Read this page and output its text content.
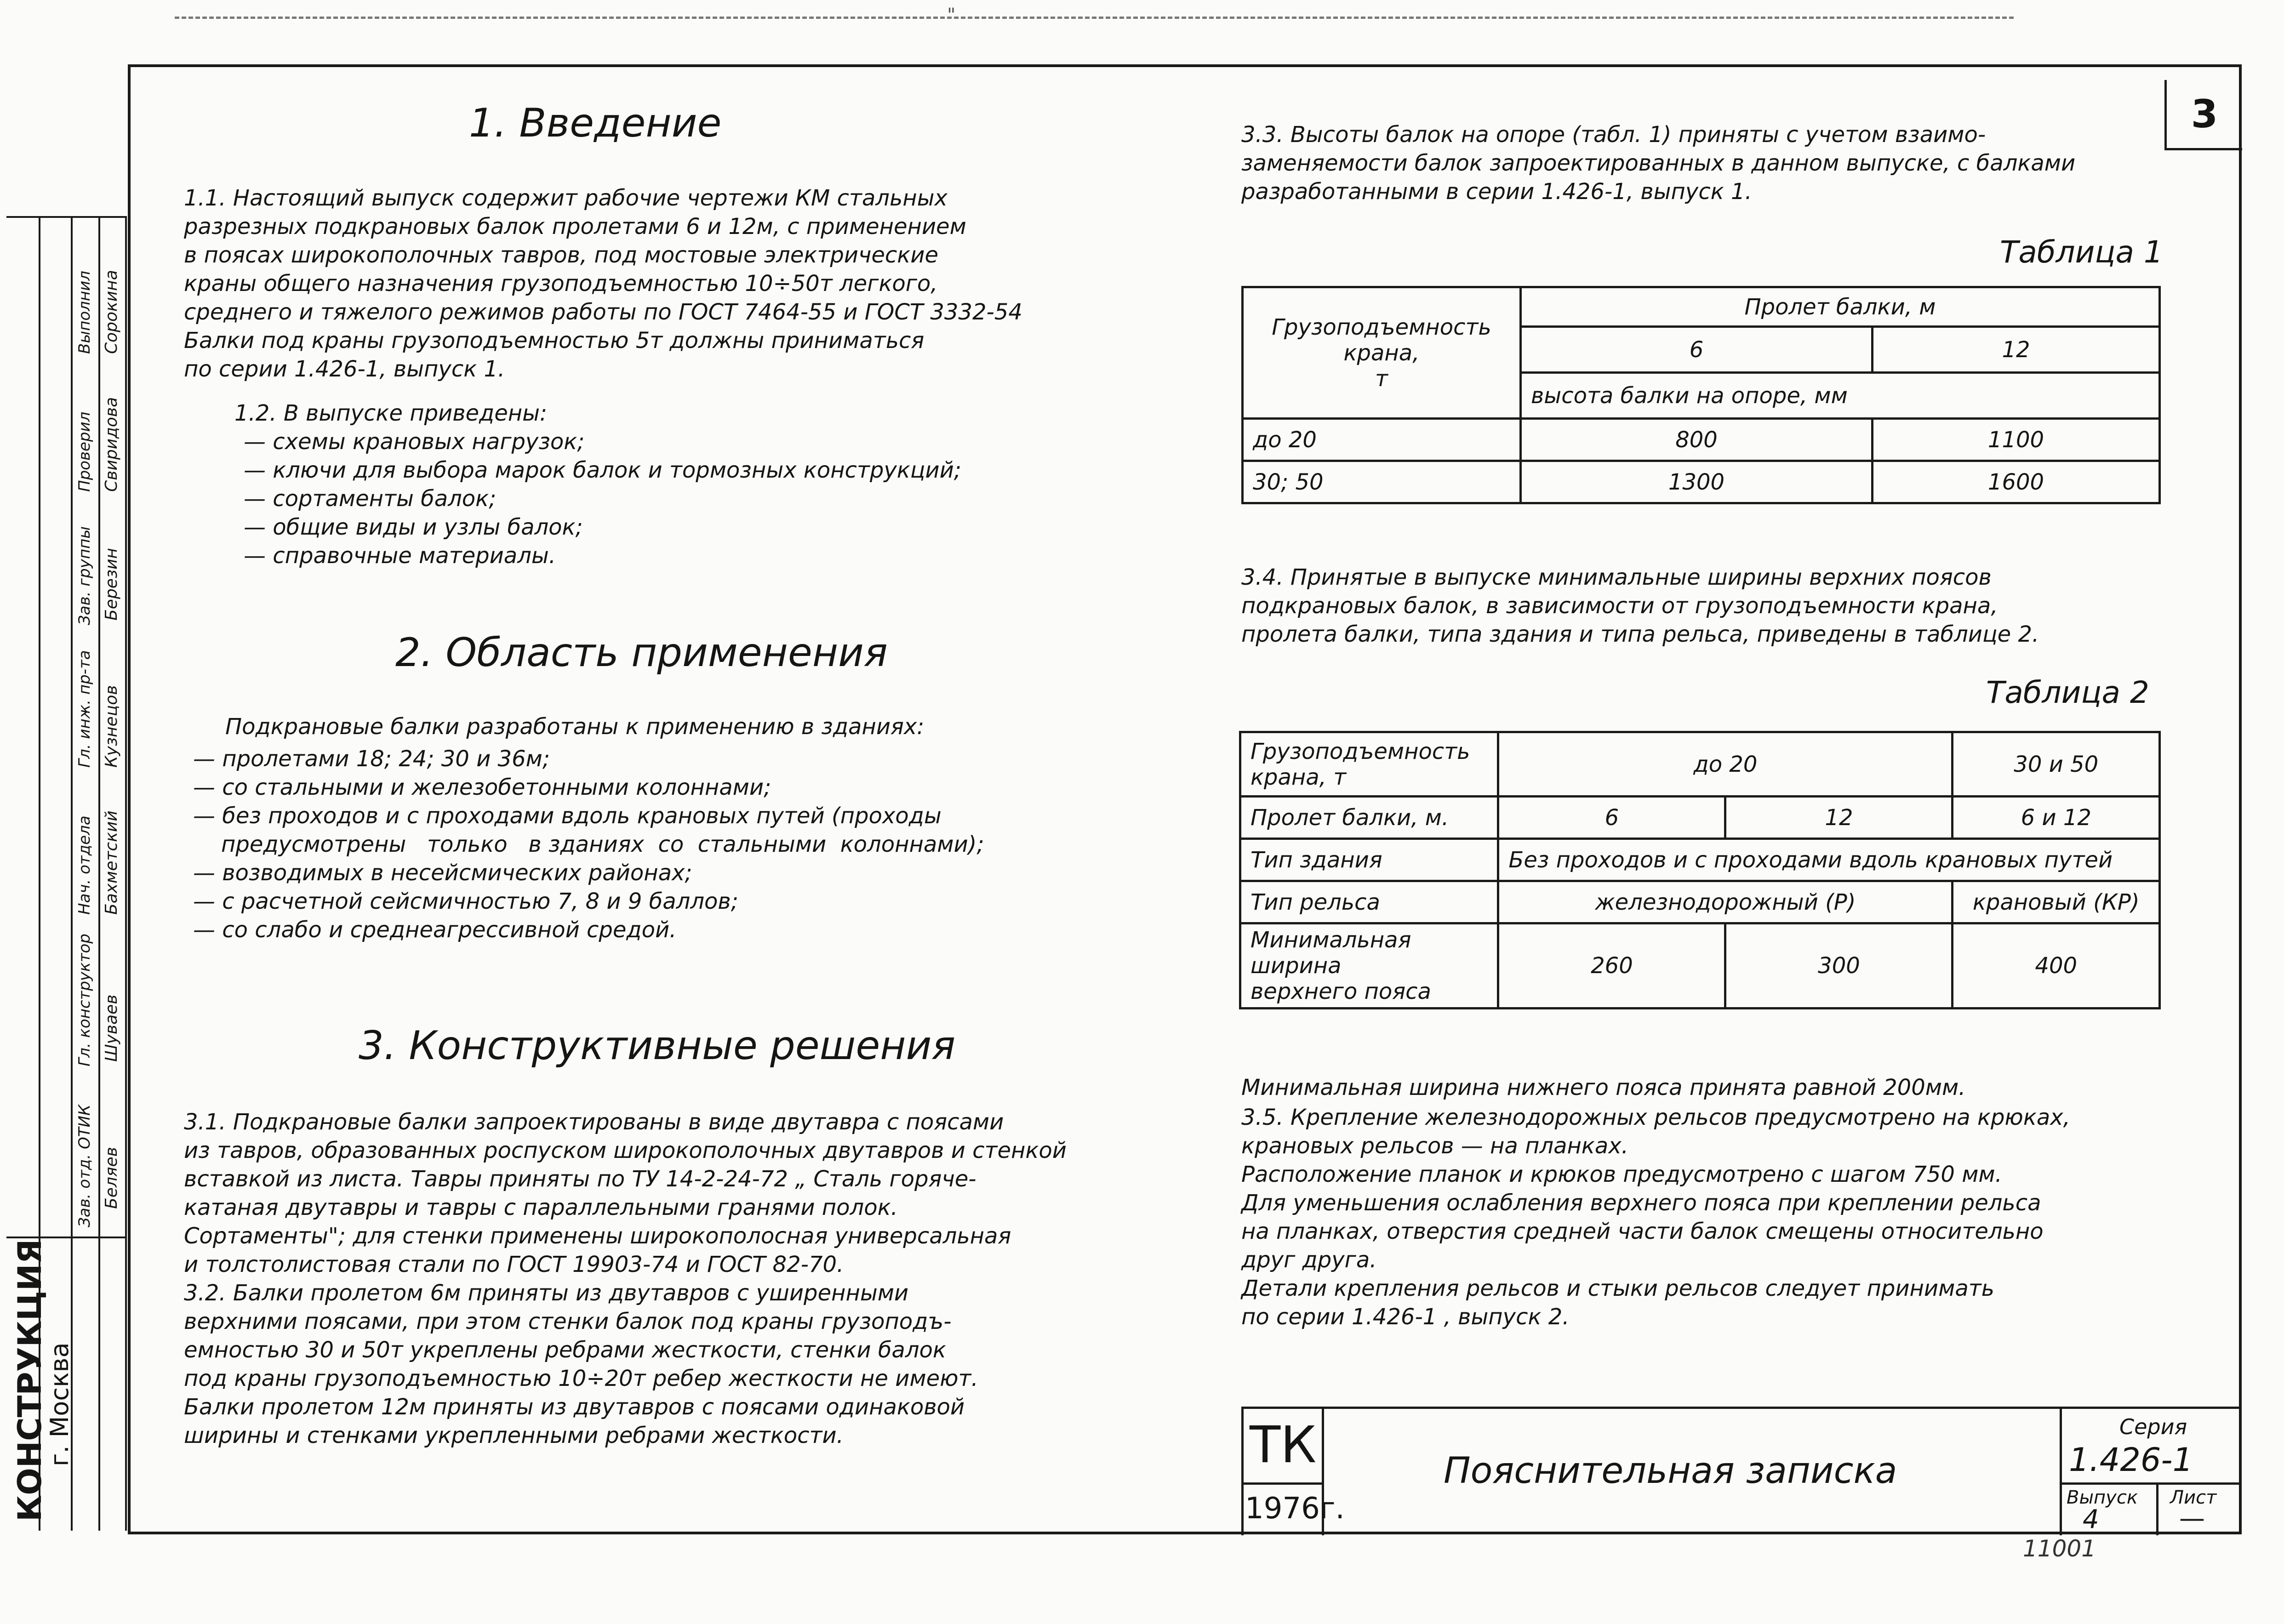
3
"
КОНСТРУКЦИЯ
г. Москва
Зав. отд. ОТИК
Гл. конструктор
Нач. отдела
Гл. инж. пр-та
Зав. группы
Проверил
Выполнил
Беляев
Шуваев
Бахметский
Кузнецов
Березин
Свиридова
Сорокина
1. Введение
1.1. Настоящий выпуск содержит рабочие чертежи КМ стальных
разрезных подкрановых балок пролетами 6 и 12м, с применением
в поясах широкополочных тавров, под мостовые электрические
краны общего назначения грузоподъемностью 10÷50т легкого,
среднего и тяжелого режимов работы по ГОСТ 7464-55 и ГОСТ 3332-54
Балки под краны грузоподъемностью 5т должны приниматься
по серии 1.426-1, выпуск 1.
1.2. В выпуске приведены:
— схемы крановых нагрузок;
— ключи для выбора марок балок и тормозных конструкций;
— сортаменты балок;
— общие виды и узлы балок;
— справочные материалы.
2. Область применения
Подкрановые балки разработаны к применению в зданиях:
— пролетами 18; 24; 30 и 36м;
— со стальными и железобетонными колоннами;
— без проходов и с проходами вдоль крановых путей (проходы
предусмотрены   только   в зданиях  со  стальными  колоннами);
— возводимых в несейсмических районах;
— с расчетной сейсмичностью 7, 8 и 9 баллов;
— со слабо и среднеагрессивной средой.
3. Конструктивные решения
3.1. Подкрановые балки запроектированы в виде двутавра с поясами
из тавров, образованных роспуском широкополочных двутавров и стенкой
вставкой из листа. Тавры приняты по ТУ 14-2-24-72 „ Сталь горяче-
катаная двутавры и тавры с параллельными гранями полок.
Сортаменты"; для стенки применены широкополосная универсальная
и толстолистовая стали по ГОСТ 19903-74 и ГОСТ 82-70.
3.2. Балки пролетом 6м приняты из двутавров с уширенными
верхними поясами, при этом стенки балок под краны грузоподъ-
емностью 30 и 50т укреплены ребрами жесткости, стенки балок
под краны грузоподъемностью 10÷20т ребер жесткости не имеют.
Балки пролетом 12м приняты из двутавров с поясами одинаковой
ширины и стенками укрепленными ребрами жесткости.
3.3. Высоты балок на опоре (табл. 1) приняты с учетом взаимо-
заменяемости балок запроектированных в данном выпуске, с балками
разработанными в серии 1.426-1, выпуск 1.
Таблица 1
Грузоподъемность
крана,
т	Пролет балки, м	
	6	12
	высота балки на опоре, мм	
до 20	800	1100
30; 50	1300	1600
3.4. Принятые в выпуске минимальные ширины верхних поясов
подкрановых балок, в зависимости от грузоподъемности крана,
пролета балки, типа здания и типа рельса, приведены в таблице 2.
Таблица 2
Грузоподъемность
крана, т	до 20		30 и 50
Пролет балки, м.	6	12	6 и 12
Тип здания	Без проходов и с проходами вдоль крановых путей		
Тип рельса	железнодорожный (Р)		крановый (КР)
Минимальная ширина
верхнего пояса	260	300	400
Минимальная ширина нижнего пояса принята равной 200мм.
3.5. Крепление железнодорожных рельсов предусмотрено на крюках,
крановых рельсов — на планках.
Расположение планок и крюков предусмотрено с шагом 750 мм.
Для уменьшения ослабления верхнего пояса при креплении рельса
на планках, отверстия средней части балок смещены относительно
друг друга.
Детали крепления рельсов и стыки рельсов следует принимать
по серии 1.426-1 , выпуск 2.
ТК
1976г.
Пояснительная записка
Серия
1.426-1
Выпуск
4
Лист
—
11001
